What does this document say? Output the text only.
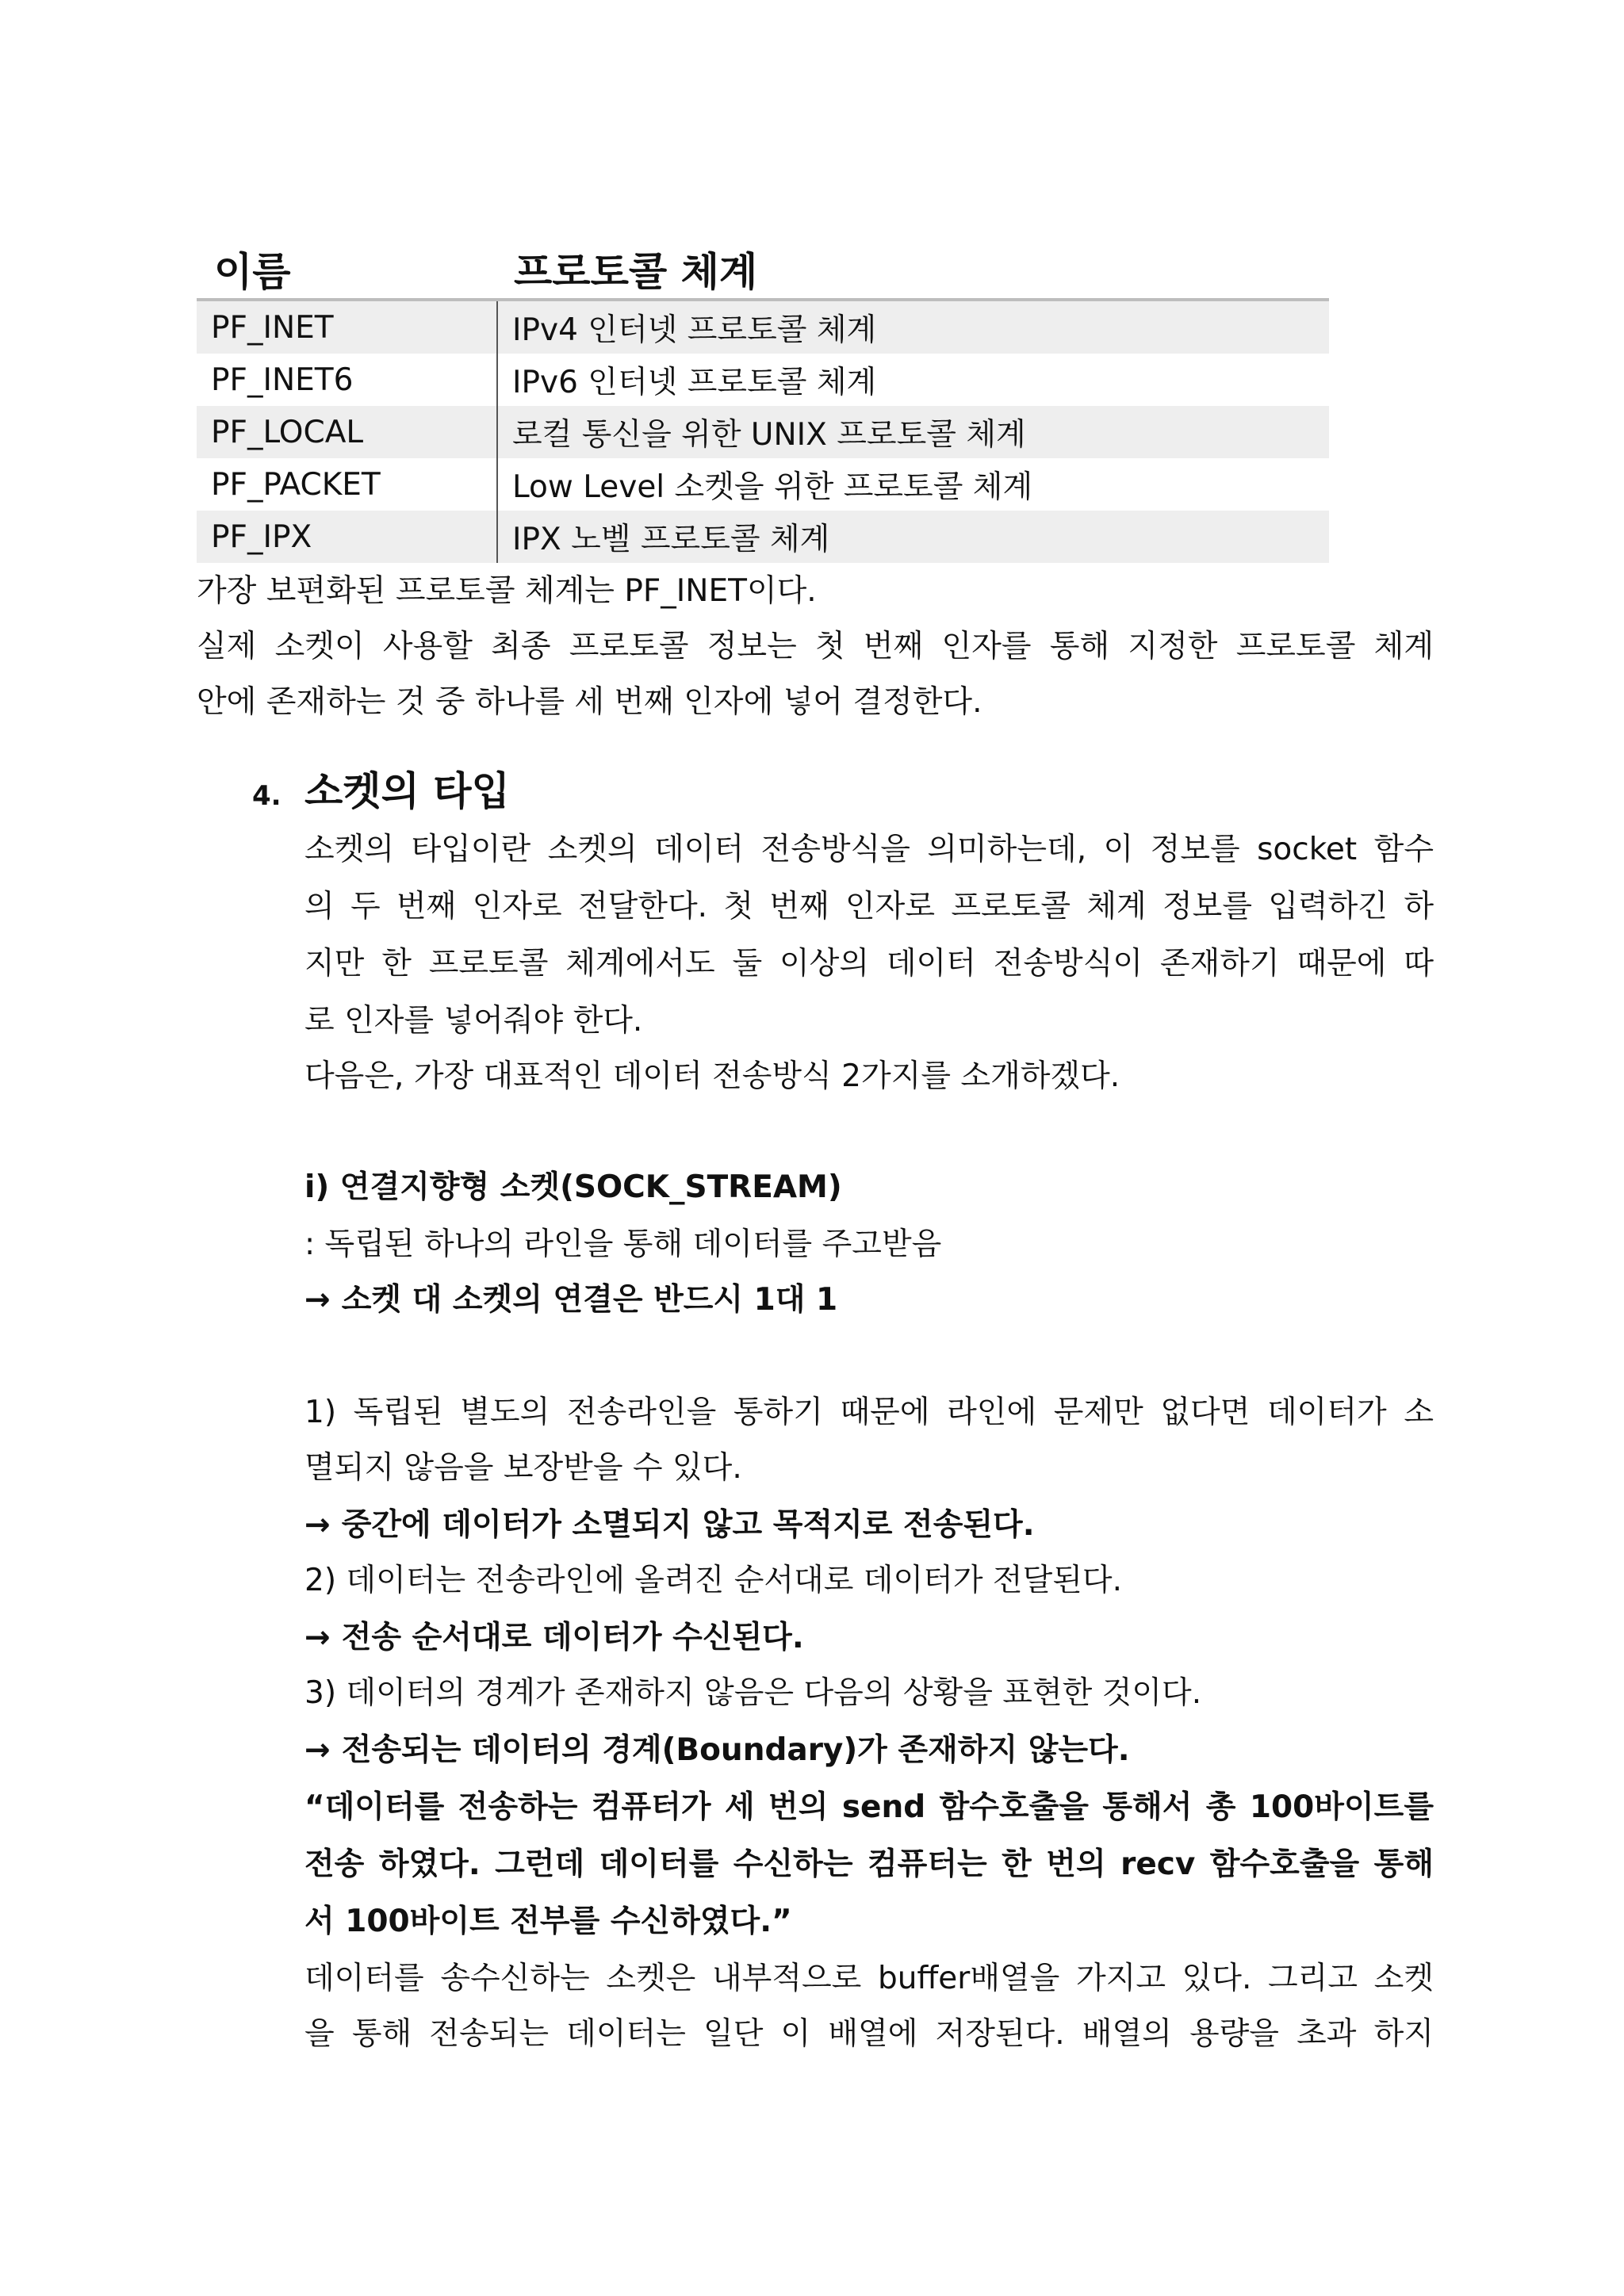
이름	프로토콜 체계
PF_INET	IPv4 인터넷 프로토콜 체계
PF_INET6	IPv6 인터넷 프로토콜 체계
PF_LOCAL	로컬 통신을 위한 UNIX 프로토콜 체계
PF_PACKET	Low Level 소켓을 위한 프로토콜 체계
PF_IPX	IPX 노벨 프로토콜 체계
가장 보편화된 프로토콜 체계는 PF_INET이다.
실제 소켓이 사용할 최종 프로토콜 정보는 첫 번째 인자를 통해 지정한 프로토콜 체계
안에 존재하는 것 중 하나를 세 번째 인자에 넣어 결정한다.
4. 소켓의 타입
소켓의 타입이란 소켓의 데이터 전송방식을 의미하는데, 이 정보를 socket 함수
의 두 번째 인자로 전달한다. 첫 번째 인자로 프로토콜 체계 정보를 입력하긴 하
지만 한 프로토콜 체계에서도 둘 이상의 데이터 전송방식이 존재하기 때문에 따
로 인자를 넣어줘야 한다.
다음은, 가장 대표적인 데이터 전송방식 2가지를 소개하겠다.
i) 연결지향형 소켓(SOCK_STREAM)
: 독립된 하나의 라인을 통해 데이터를 주고받음
→ 소켓 대 소켓의 연결은 반드시 1대 1
1) 독립된 별도의 전송라인을 통하기 때문에 라인에 문제만 없다면 데이터가 소
멸되지 않음을 보장받을 수 있다.
→ 중간에 데이터가 소멸되지 않고 목적지로 전송된다.
2) 데이터는 전송라인에 올려진 순서대로 데이터가 전달된다.
→ 전송 순서대로 데이터가 수신된다.
3) 데이터의 경계가 존재하지 않음은 다음의 상황을 표현한 것이다.
→ 전송되는 데이터의 경계(Boundary)가 존재하지 않는다.
“데이터를 전송하는 컴퓨터가 세 번의 send 함수호출을 통해서 총 100바이트를
전송 하였다. 그런데 데이터를 수신하는 컴퓨터는 한 번의 recv 함수호출을 통해
서 100바이트 전부를 수신하였다.”
데이터를 송수신하는 소켓은 내부적으로 buffer배열을 가지고 있다. 그리고 소켓
을 통해 전송되는 데이터는 일단 이 배열에 저장된다. 배열의 용량을 초과 하지
